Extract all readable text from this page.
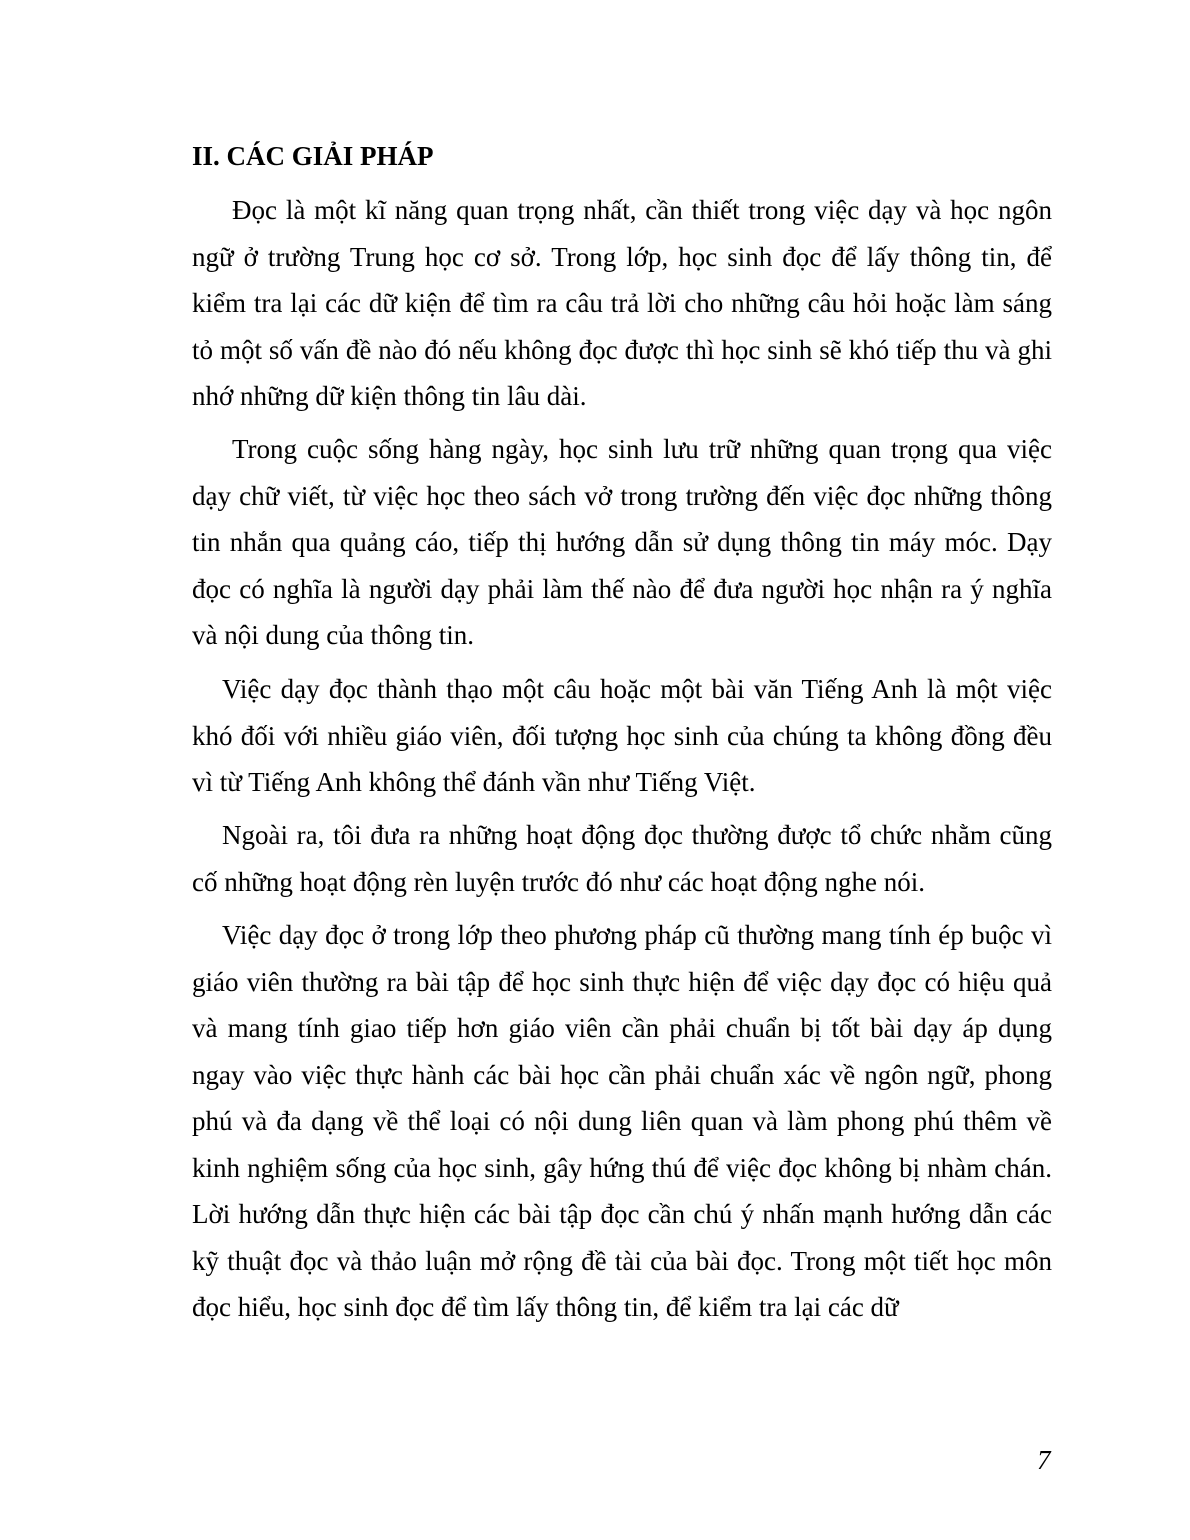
II. CÁC GIẢI PHÁP

Đọc là một kĩ năng quan trọng nhất, cần thiết trong việc dạy và học ngôn ngữ ở trường Trung học cơ sở. Trong lớp, học sinh đọc để lấy thông tin, để kiểm tra lại các dữ kiện để tìm ra câu trả lời cho những câu hỏi hoặc làm sáng tỏ một số vấn đề nào đó nếu không đọc được thì học sinh sẽ khó tiếp thu và ghi nhớ những dữ kiện thông tin lâu dài.

Trong cuộc sống hàng ngày, học sinh lưu trữ những quan trọng qua việc dạy chữ viết, từ việc học theo sách vở trong trường đến việc đọc những thông tin nhắn qua quảng cáo, tiếp thị hướng dẫn sử dụng thông tin máy móc. Dạy đọc có nghĩa là người dạy phải làm thế nào để đưa người học nhận ra ý nghĩa và nội dung của thông tin.

Việc dạy đọc thành thạo một câu hoặc một bài văn Tiếng Anh là một việc khó đối với nhiều giáo viên, đối tượng học sinh của chúng ta không đồng đều vì từ Tiếng Anh không thể đánh vần như Tiếng Việt.

Ngoài ra, tôi đưa ra những hoạt động đọc thường được tổ chức nhằm cũng cố những hoạt động rèn luyện trước đó như các hoạt động nghe nói.

Việc dạy đọc ở trong lớp theo phương pháp cũ thường mang tính ép buộc vì giáo viên thường ra bài tập để học sinh thực hiện để việc dạy đọc có hiệu quả và mang tính giao tiếp hơn giáo viên cần phải chuẩn bị tốt bài dạy áp dụng ngay vào việc thực hành các bài học cần phải chuẩn xác về ngôn ngữ, phong phú và đa dạng về thể loại có nội dung liên quan và làm phong phú thêm về kinh nghiệm sống của học sinh, gây hứng thú để việc đọc không bị nhàm chán. Lời hướng dẫn thực hiện các bài tập đọc cần chú ý nhấn mạnh hướng dẫn các kỹ thuật đọc và thảo luận mở rộng đề tài của bài đọc. Trong một tiết học môn đọc hiểu, học sinh đọc để tìm lấy thông tin, để kiểm tra lại các dữ

7
